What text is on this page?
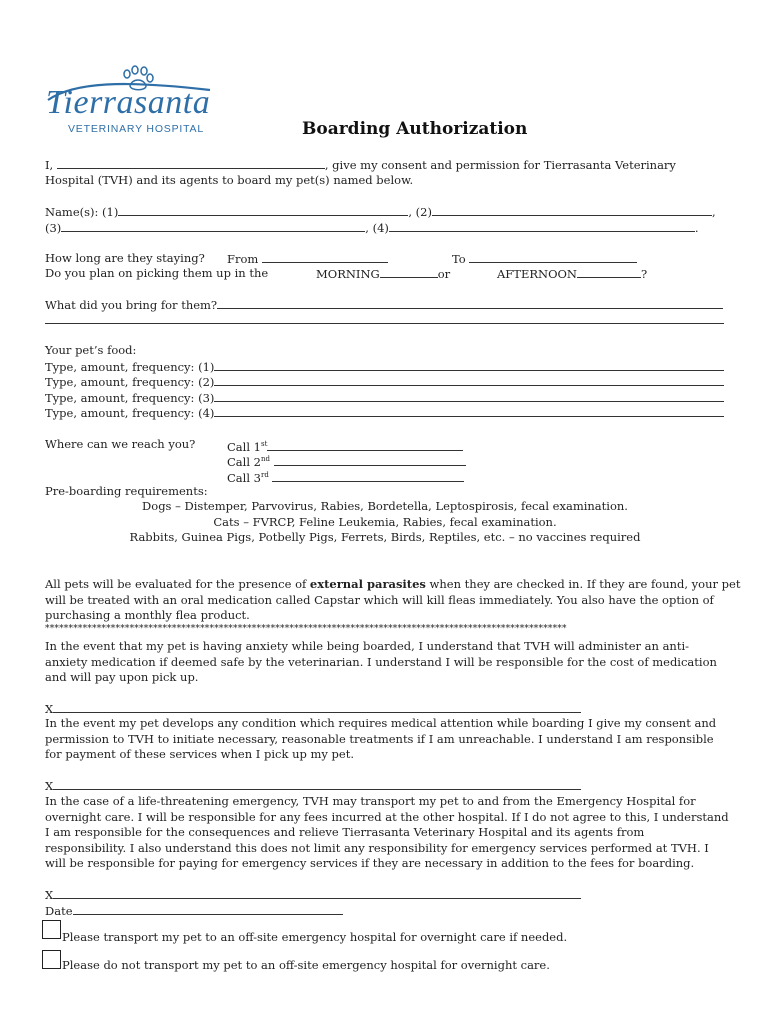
Tierrasanta
VETERINARY HOSPITAL	Boarding Authorization
I,	, give my consent and permission for Tierrasanta Veterinary
Hospital (TVH) and its agents to board my pet(s) named below.
Name(s): (1)	, (2)	,
(3)	, (4)	.
How long are they staying? From	To
Do you plan on picking them up in the	MORNING	or	AFTERNOON	?
What did you bring for them?
Your pet’s food:
Type, amount, frequency: (1)
Type, amount, frequency: (2)
Type, amount, frequency: (3)
Type, amount, frequency: (4)
Where can we reach you?	Call 1st
Call 2nd
Call 3rd
Pre-boarding requirements:
Dogs – Distemper, Parvovirus, Rabies, Bordetella, Leptospirosis, fecal examination.
Cats – FVRCP, Feline Leukemia, Rabies, fecal examination.
Rabbits, Guinea Pigs, Potbelly Pigs, Ferrets, Birds, Reptiles, etc. – no vaccines required
All pets will be evaluated for the presence of external parasites when they are checked in. If they are found, your pet
will be treated with an oral medication called Capstar which will kill fleas immediately. You also have the option of
purchasing a monthly flea product.
***************************************************************************************************************
In the event that my pet is having anxiety while being boarded, I understand that TVH will administer an anti-
anxiety medication if deemed safe by the veterinarian. I understand I will be responsible for the cost of medication
and will pay upon pick up.
X
In the event my pet develops any condition which requires medical attention while boarding I give my consent and
permission to TVH to initiate necessary, reasonable treatments if I am unreachable. I understand I am responsible
for payment of these services when I pick up my pet.
X
In the case of a life-threatening emergency, TVH may transport my pet to and from the Emergency Hospital for
overnight care. I will be responsible for any fees incurred at the other hospital. If I do not agree to this, I understand
I am responsible for the consequences and relieve Tierrasanta Veterinary Hospital and its agents from
responsibility. I also understand this does not limit any responsibility for emergency services performed at TVH. I
will be responsible for paying for emergency services if they are necessary in addition to the fees for boarding.
X
Date
Please transport my pet to an off-site emergency hospital for overnight care if needed.
Please do not transport my pet to an off-site emergency hospital for overnight care.
